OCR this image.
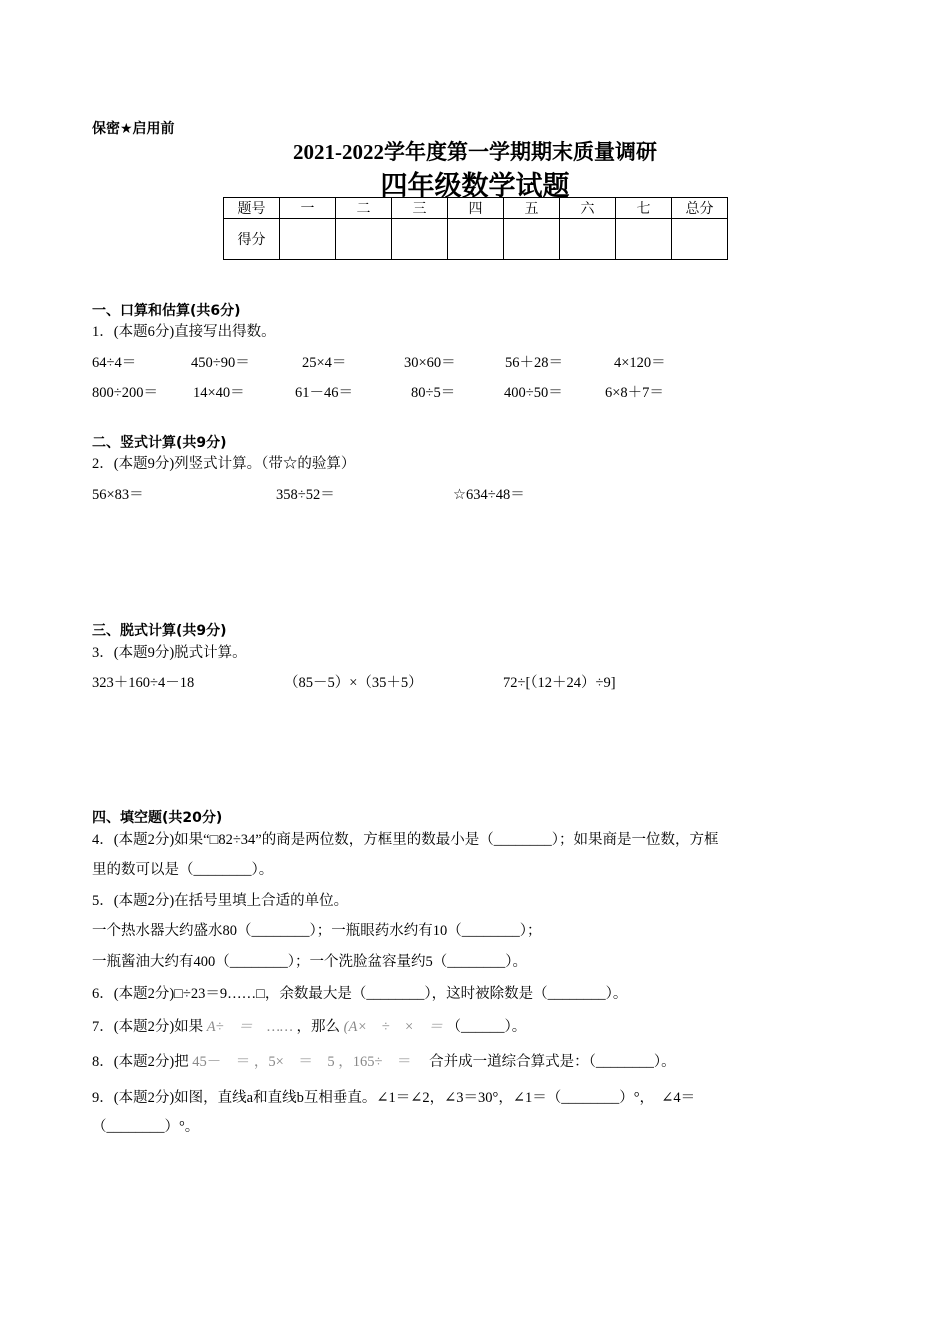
保密★启用前
2021-2022学年度第一学期期末质量调研
四年级数学试题
题号	一	二	三	四	五	六	七	总分
得分								
一、口算和估算(共6分)
1．(本题6分)直接写出得数。
64÷4＝	450÷90＝	25×4＝	30×60＝	56＋28＝	4×120＝
800÷200＝ 14×40＝	61－46＝	80÷5＝	400÷50＝	6×8＋7＝
二、竖式计算(共9分)
2．(本题9分)列竖式计算。（带☆的验算）
56×83＝	358÷52＝	☆634÷48＝
三、脱式计算(共9分)
3．(本题9分)脱式计算。
323＋160÷4－18	（85－5）×（35＋5）	72÷[（12＋24）÷9]
四、填空题(共20分)
4．(本题2分)如果“□82÷34”的商是两位数，方框里的数最小是（________）；如果商是一位数，方框
里的数可以是（________）。
5．(本题2分)在括号里填上合适的单位。
一个热水器大约盛水80（________）；一瓶眼药水约有10（________）；
一瓶酱油大约有400（________）；一个洗脸盆容量约5（________）。
6．(本题2分)□÷23＝9……□，余数最大是（________），这时被除数是（________）。
7．(本题2分)如果 A÷　＝　…… ，那么 (A×　÷　×　＝ （______）。
8．(本题2分)把 45－　＝ ，5×　＝　5 ，165÷　＝ 合并成一道综合算式是：（________）。
9．(本题2分)如图，直线a和直线b互相垂直。∠1＝∠2，∠3＝30°，∠1＝（________）°，　∠4＝
（________）°。
